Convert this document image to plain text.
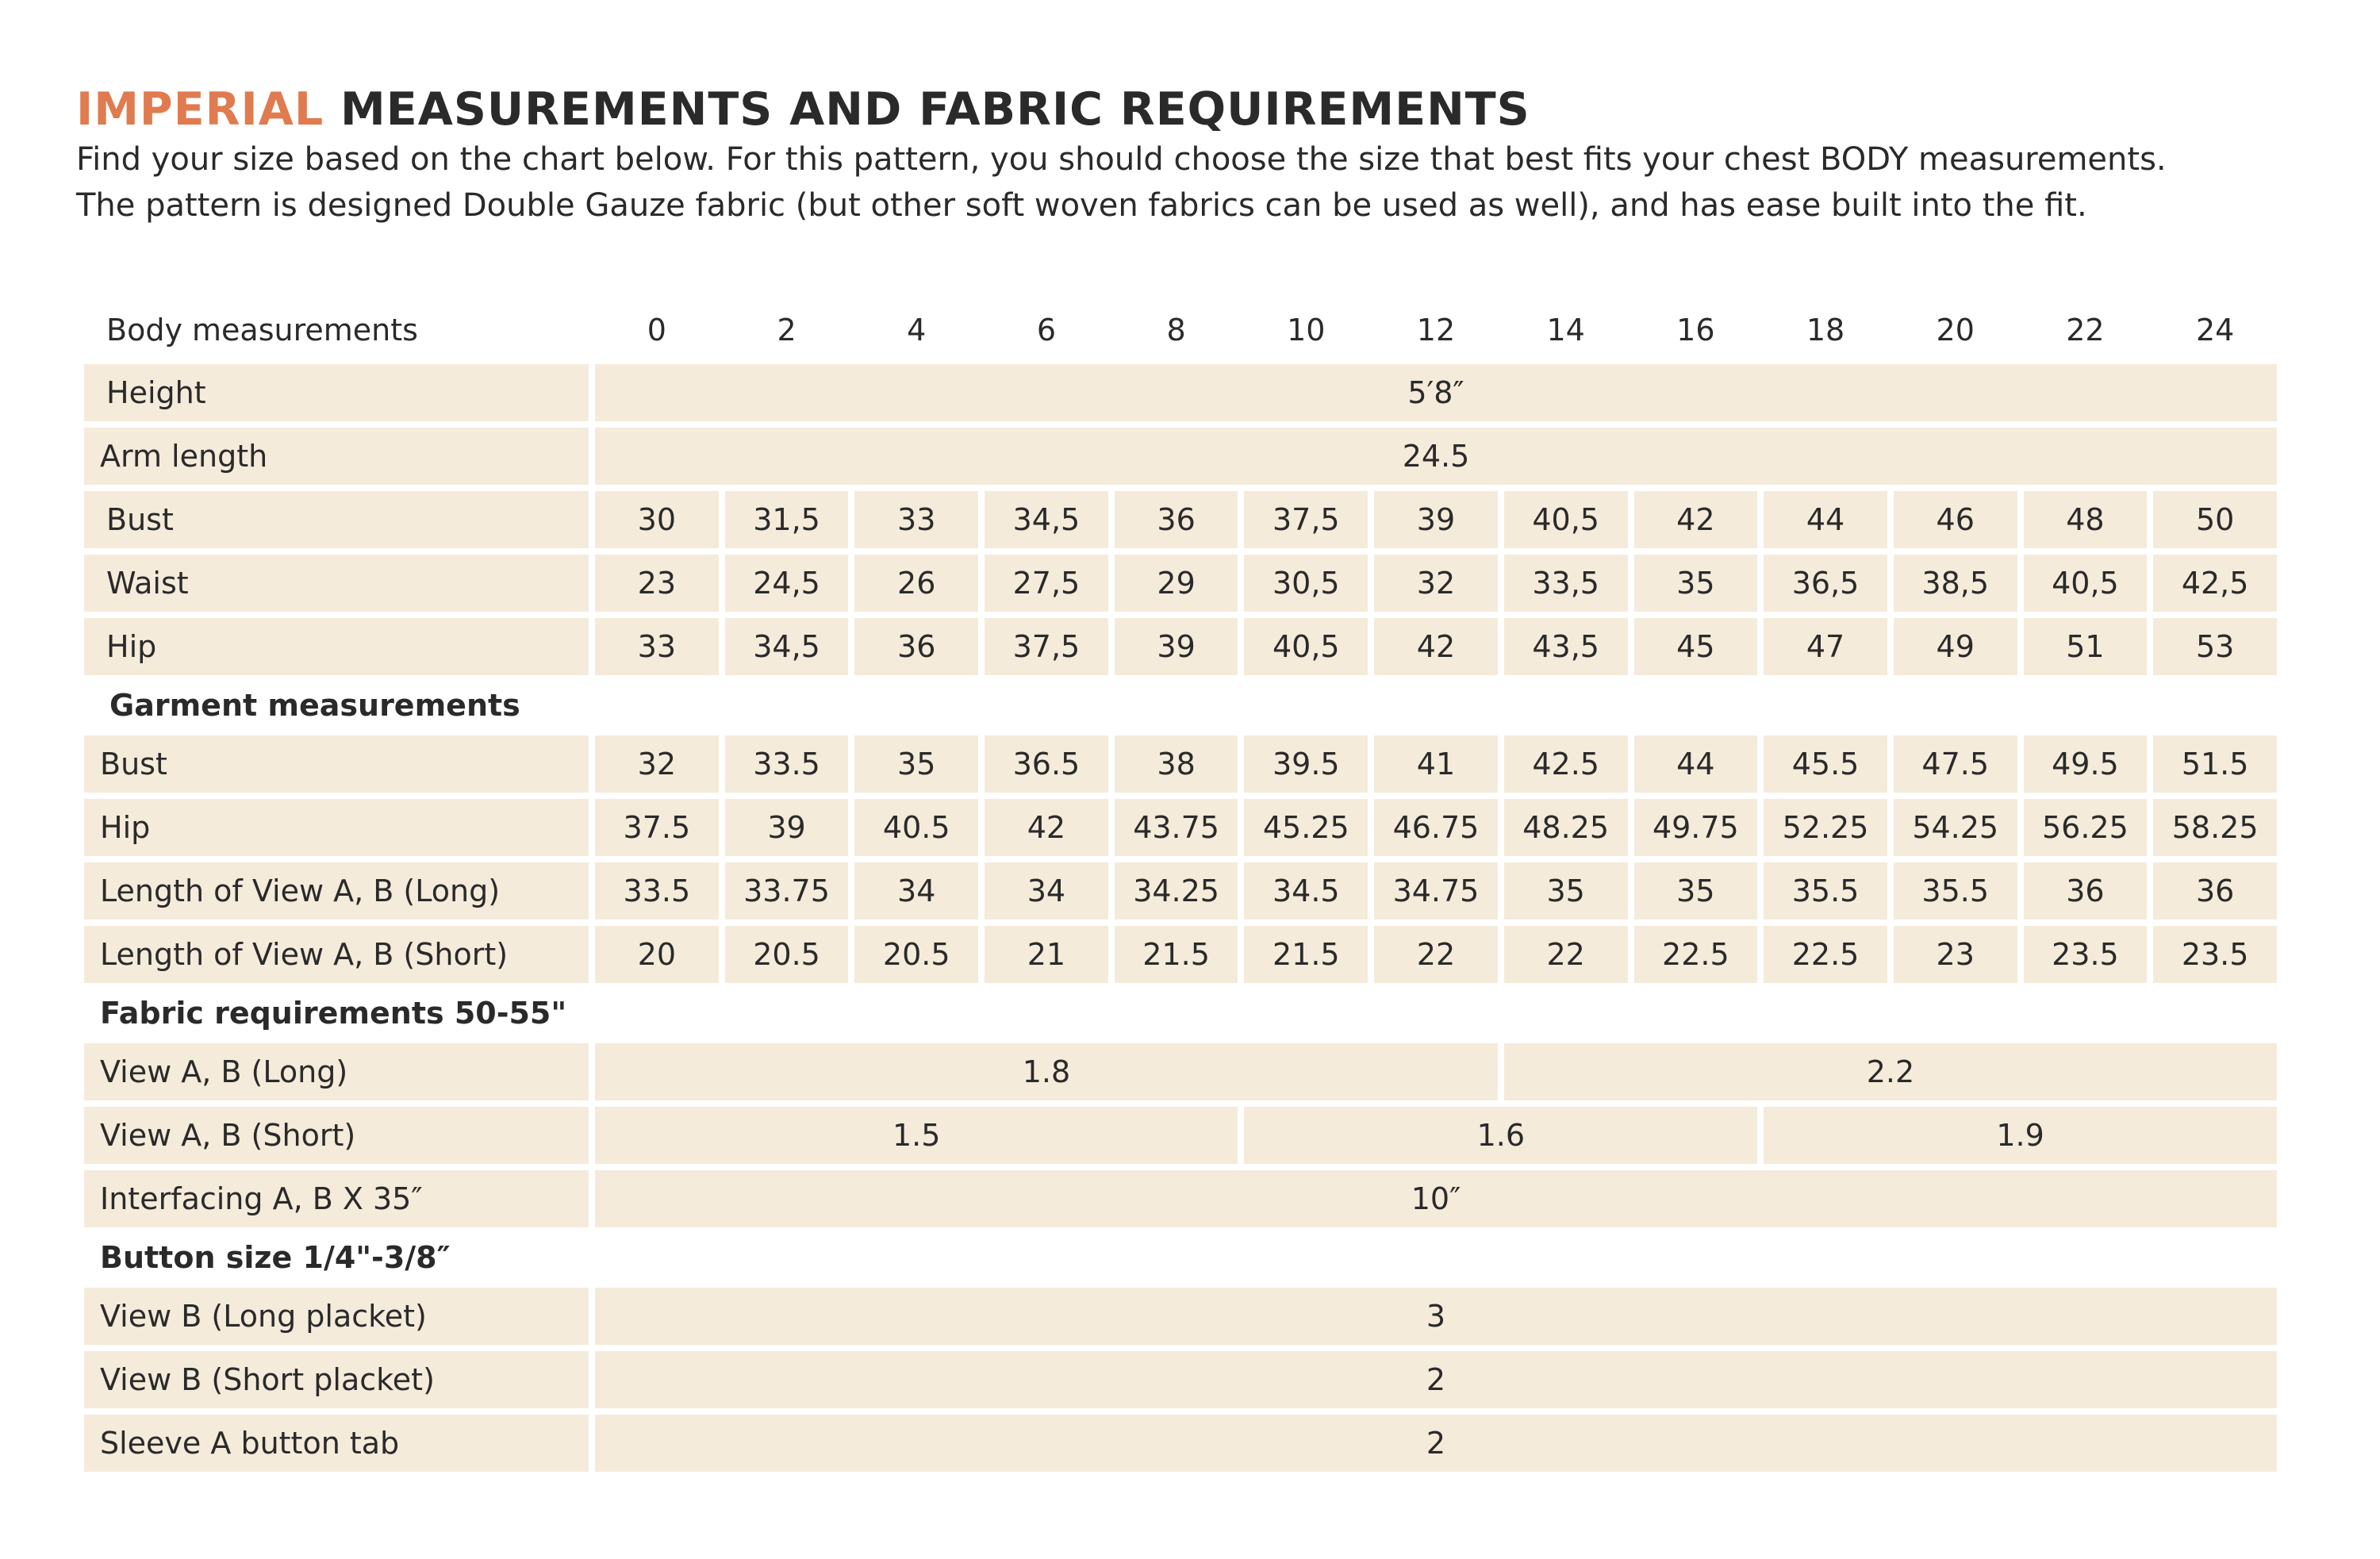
IMPERIAL MEASUREMENTS AND FABRIC REQUIREMENTS
Find your size based on the chart below. For this pattern, you should choose the size that best fits your chest BODY measurements.
The pattern is designed Double Gauze fabric (but other soft woven fabrics can be used as well), and has ease built into the fit.
Body measurements	0	2	4	6	8	10	12	14	16	18	20	22	24
Height	5′8″												
Arm length	24.5												
Bust	30	31,5	33	34,5	36	37,5	39	40,5	42	44	46	48	50
Waist	23	24,5	26	27,5	29	30,5	32	33,5	35	36,5	38,5	40,5	42,5
Hip	33	34,5	36	37,5	39	40,5	42	43,5	45	47	49	51	53
Garment measurements													
Bust	32	33.5	35	36.5	38	39.5	41	42.5	44	45.5	47.5	49.5	51.5
Hip	37.5	39	40.5	42	43.75	45.25	46.75	48.25	49.75	52.25	54.25	56.25	58.25
Length of View A, B (Long)	33.5	33.75	34	34	34.25	34.5	34.75	35	35	35.5	35.5	36	36
Length of View A, B (Short)	20	20.5	20.5	21	21.5	21.5	22	22	22.5	22.5	23	23.5	23.5
Fabric requirements 50-55"													
View A, B (Long)	1.8							2.2					
View A, B (Short)	1.5					1.6				1.9			
Interfacing A, B X 35″	10″												
Button size 1/4"-3/8″													
View B (Long placket)	3												
View B (Short placket)	2												
Sleeve A button tab	2												
